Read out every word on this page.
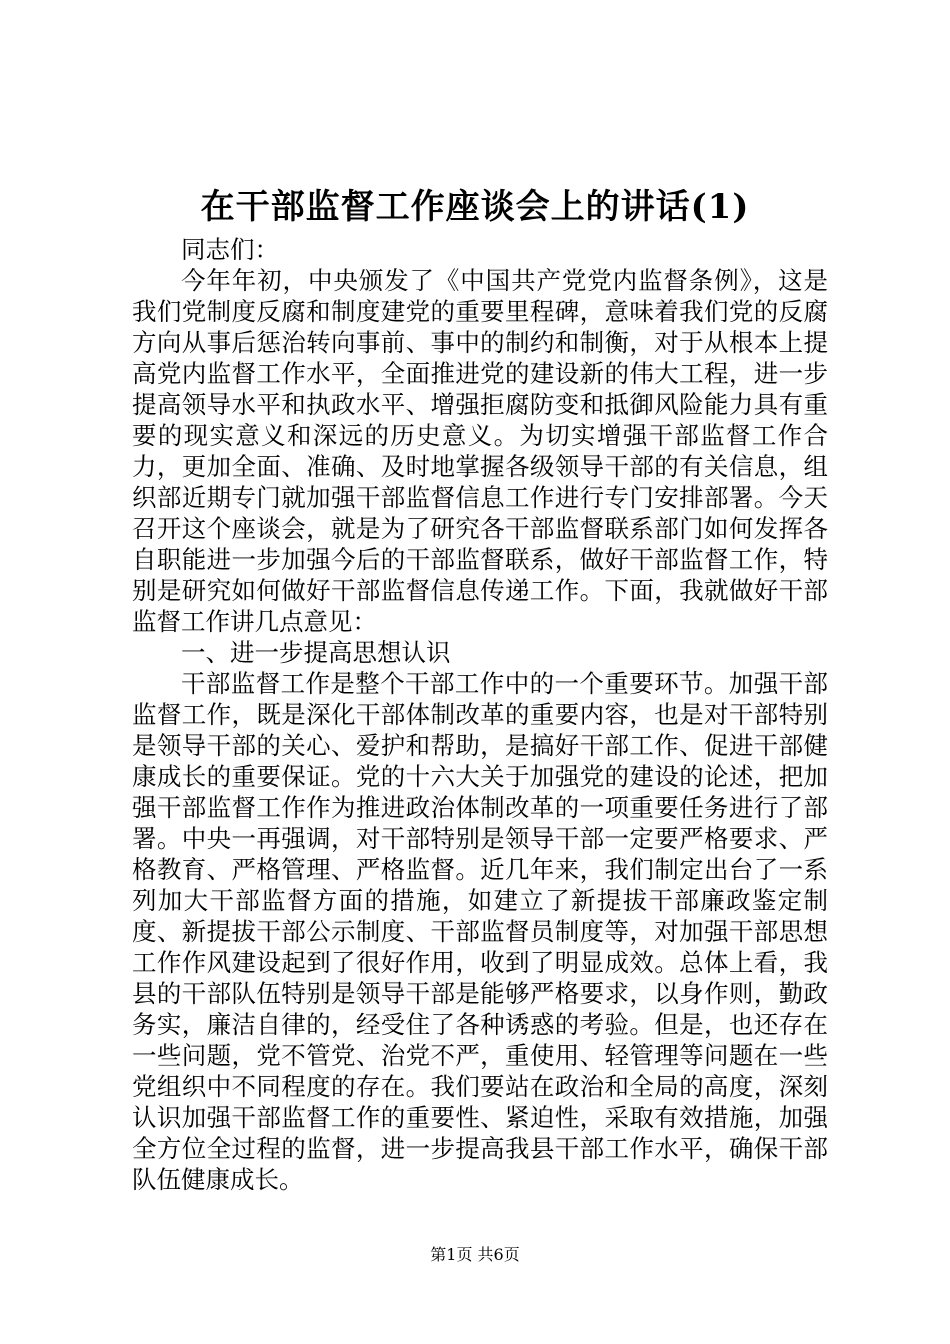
在干部监督工作座谈会上的讲话(1)

同志们：

今年年初，中央颁发了《中国共产党党内监督条例》，这是我们党制度反腐和制度建党的重要里程碑，意味着我们党的反腐方向从事后惩治转向事前、事中的制约和制衡，对于从根本上提高党内监督工作水平，全面推进党的建设新的伟大工程，进一步提高领导水平和执政水平、增强拒腐防变和抵御风险能力具有重要的现实意义和深远的历史意义。为切实增强干部监督工作合力，更加全面、准确、及时地掌握各级领导干部的有关信息，组织部近期专门就加强干部监督信息工作进行专门安排部署。今天召开这个座谈会，就是为了研究各干部监督联系部门如何发挥各自职能进一步加强今后的干部监督联系，做好干部监督工作，特别是研究如何做好干部监督信息传递工作。下面，我就做好干部监督工作讲几点意见：

一、进一步提高思想认识

干部监督工作是整个干部工作中的一个重要环节。加强干部监督工作，既是深化干部体制改革的重要内容，也是对干部特别是领导干部的关心、爱护和帮助，是搞好干部工作、促进干部健康成长的重要保证。党的十六大关于加强党的建设的论述，把加强干部监督工作作为推进政治体制改革的一项重要任务进行了部署。中央一再强调，对干部特别是领导干部一定要严格要求、严格教育、严格管理、严格监督。近几年来，我们制定出台了一系列加大干部监督方面的措施，如建立了新提拔干部廉政鉴定制度、新提拔干部公示制度、干部监督员制度等，对加强干部思想工作作风建设起到了很好作用，收到了明显成效。总体上看，我县的干部队伍特别是领导干部是能够严格要求，以身作则，勤政务实，廉洁自律的，经受住了各种诱惑的考验。但是，也还存在一些问题，党不管党、治党不严，重使用、轻管理等问题在一些党组织中不同程度的存在。我们要站在政治和全局的高度，深刻认识加强干部监督工作的重要性、紧迫性，采取有效措施，加强全方位全过程的监督，进一步提高我县干部工作水平，确保干部队伍健康成长。

第1页 共6页
